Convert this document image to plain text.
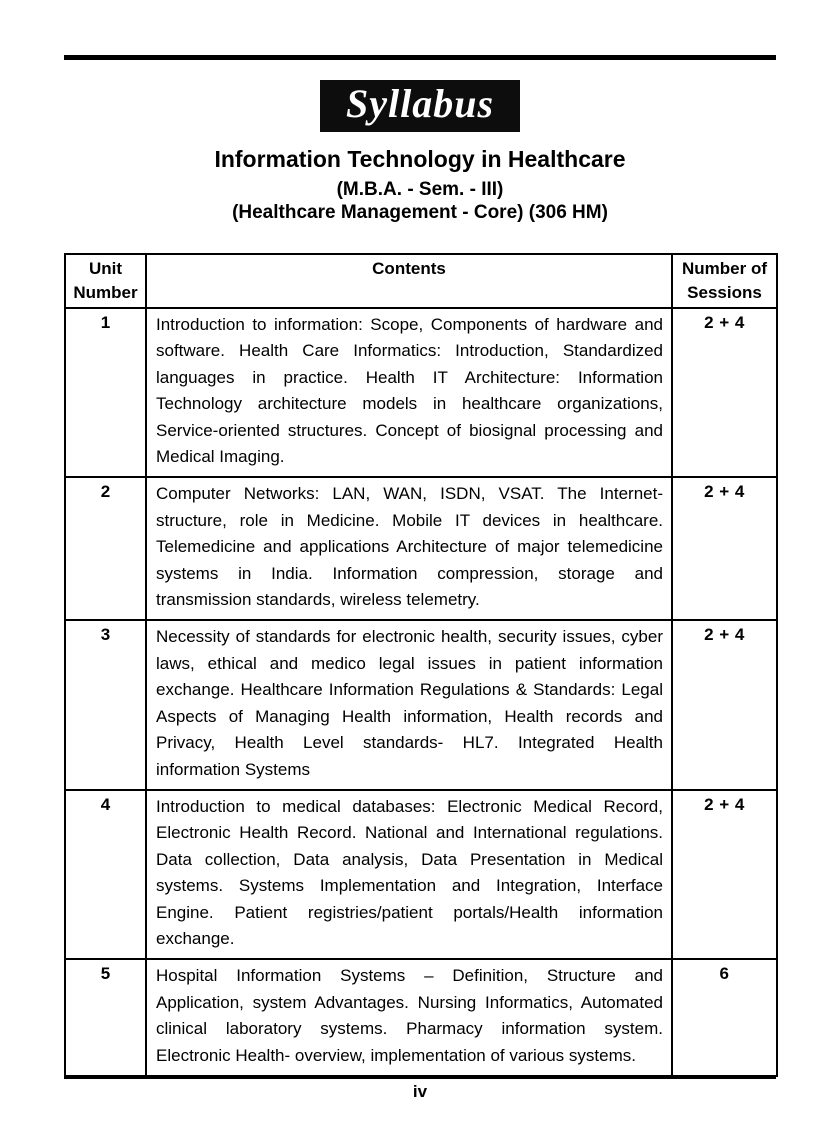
Syllabus
Information Technology in Healthcare
(M.B.A. - Sem. - III)
(Healthcare Management - Core) (306 HM)
Unit Number	Contents	Number of Sessions
1	Introduction to information: Scope, Components of hardware and software. Health Care Informatics: Introduction, Standardized languages in practice. Health IT Architecture: Information Technology architecture models in healthcare organizations, Service-oriented structures. Concept of biosignal processing and Medical Imaging.	2 + 4
2	Computer Networks: LAN, WAN, ISDN, VSAT. The Internet- structure, role in Medicine. Mobile IT devices in healthcare. Telemedicine and applications Architecture of major telemedicine systems in India. Information compression, storage and transmission standards, wireless telemetry.	2 + 4
3	Necessity of standards for electronic health, security issues, cyber laws, ethical and medico legal issues in patient information exchange. Healthcare Information Regulations & Standards: Legal Aspects of Managing Health information, Health records and Privacy, Health Level standards- HL7. Integrated Health information Systems	2 + 4
4	Introduction to medical databases: Electronic Medical Record, Electronic Health Record. National and International regulations. Data collection, Data analysis, Data Presentation in Medical systems. Systems Implementation and Integration, Interface Engine. Patient registries/patient portals/Health information exchange.	2 + 4
5	Hospital Information Systems – Definition, Structure and Application, system Advantages. Nursing Informatics, Automated clinical laboratory systems. Pharmacy information system. Electronic Health- overview, implementation of various systems.	6
iv
